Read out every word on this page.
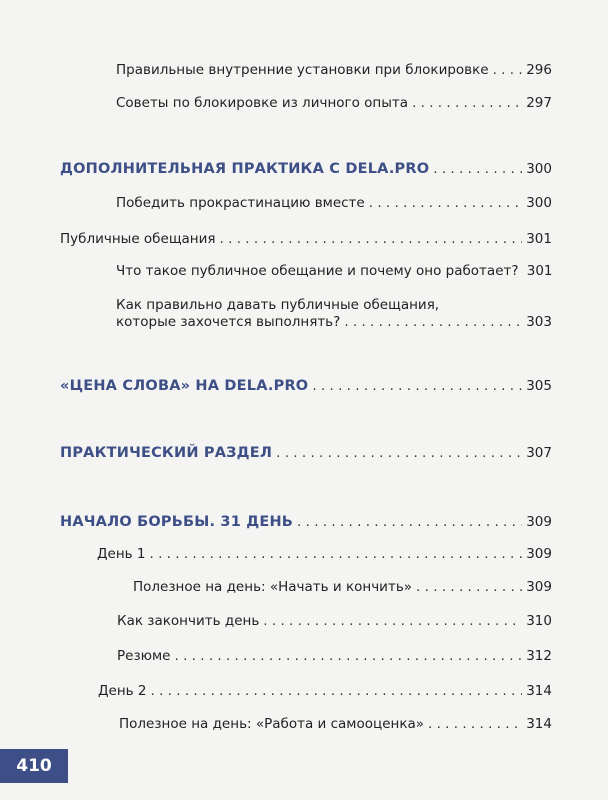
Правильные внутренние установки при блокировке . . .	296
Советы по блокировке из личного опыта . . .	297
ДОПОЛНИТЕЛЬНАЯ ПРАКТИКА С DELA.PRO . . .	300
Победить прокрастинацию вместе . . .	300
Публичные обещания . . .	301
Что такое публичное обещание и почему оно работает? 301
Как правильно давать публичные обещания,
которые захочется выполнять? . . .	303
«ЦЕНА СЛОВА» НА DELA.PRO . . .	305
ПРАКТИЧЕСКИЙ РАЗДЕЛ . . .	307
НАЧАЛО БОРЬБЫ. 31 ДЕНЬ . . .	309
День 1 . . .	309
Полезное на день: «Начать и кончить» . . .	309
Как закончить день . . .	310
Резюме . . .	312
День 2 . . .	314
Полезное на день: «Работа и самооценка» . . .	314
410
